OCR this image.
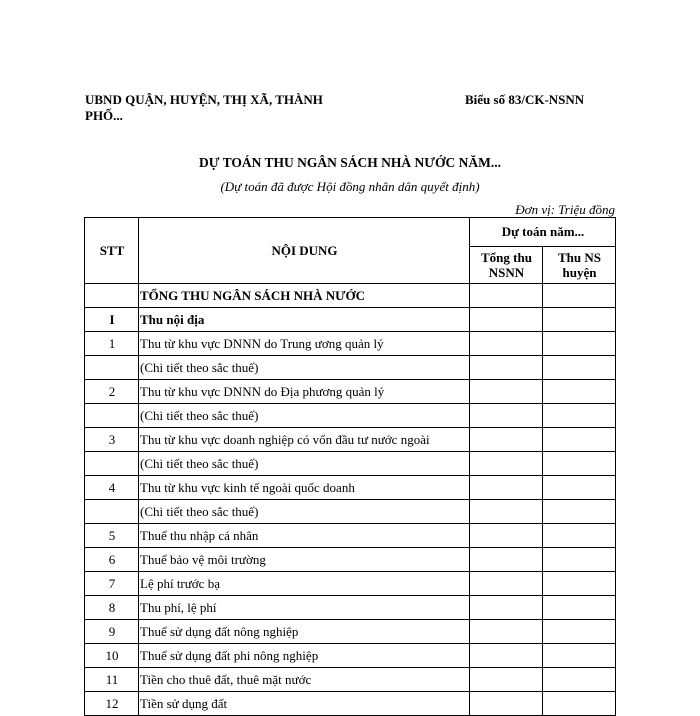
UBND QUẬN, HUYỆN, THỊ XÃ, THÀNH
PHỐ...
Biểu số 83/CK-NSNN
DỰ TOÁN THU NGÂN SÁCH NHÀ NƯỚC NĂM...
(Dự toán đã được Hội đồng nhân dân quyết định)
Đơn vị: Triệu đồng
STT	NỘI DUNG	Dự toán năm...	
		Tổng thu NSNN	Thu NS huyện
	TỔNG THU NGÂN SÁCH NHÀ NƯỚC		
I	Thu nội địa		
1	Thu từ khu vực DNNN do Trung ương quản lý		
	(Chi tiết theo sắc thuế)		
2	Thu từ khu vực DNNN do Địa phương quản lý		
	(Chi tiết theo sắc thuế)		
3	Thu từ khu vực doanh nghiệp có vốn đầu tư nước ngoài		
	(Chi tiết theo sắc thuế)		
4	Thu từ khu vực kinh tế ngoài quốc doanh		
	(Chi tiết theo sắc thuế)		
5	Thuế thu nhập cá nhân		
6	Thuế bảo vệ môi trường		
7	Lệ phí trước bạ		
8	Thu phí, lệ phí		
9	Thuế sử dụng đất nông nghiệp		
10	Thuế sử dụng đất phi nông nghiệp		
11	Tiền cho thuê đất, thuê mặt nước		
12	Tiền sử dụng đất		
